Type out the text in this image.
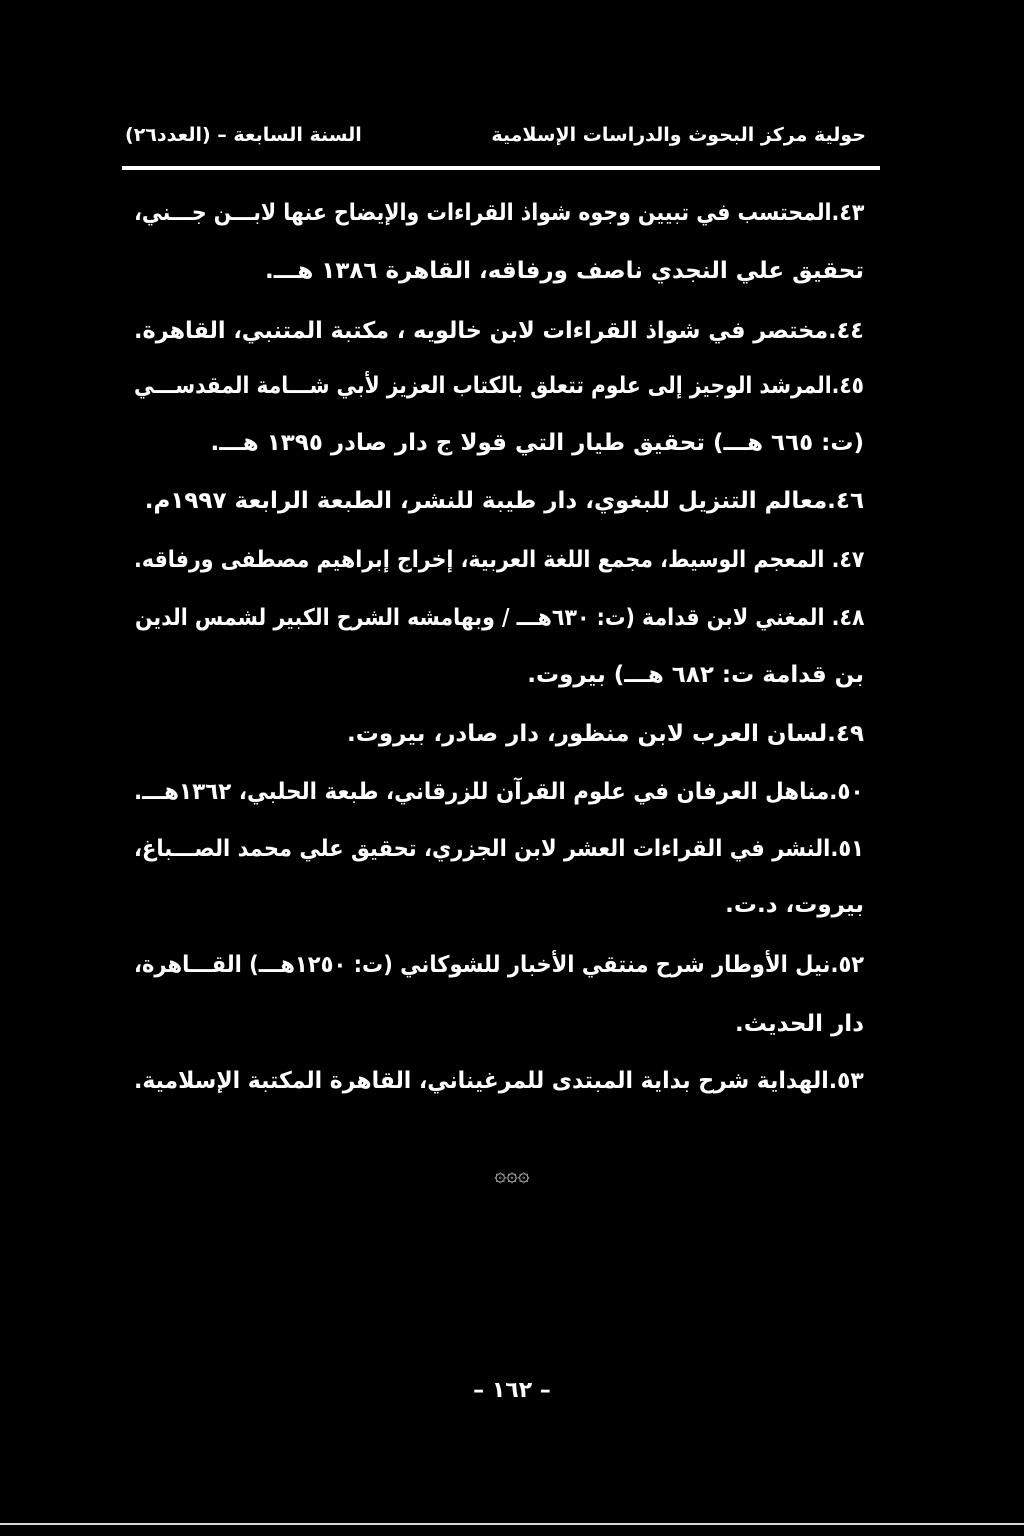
حولية مركز البحوث والدراسات الإسلامية
السنة السابعة – (العدد٢٦)
٤٣.المحتسب في تبيين وجوه شواذ القراءات والإيضاح عنها لابـــن جـــني،
تحقيق علي النجدي ناصف ورفاقه، القاهرة ١٣٨٦ هـــ.
٤٤.مختصر في شواذ القراءات لابن خالويه ، مكتبة المتنبي، القاهرة.
٤٥.المرشد الوجيز إلى علوم تتعلق بالكتاب العزيز لأبي شـــامة المقدســـي
(ت: ٦٦٥ هـــ) تحقيق طيار التي قولا ج دار صادر ١٣٩٥ هـــ.
٤٦.معالم التنزيل للبغوي، دار طيبة للنشر، الطبعة الرابعة ١٩٩٧م.
٤٧. المعجم الوسيط، مجمع اللغة العربية، إخراج إبراهيم مصطفى ورفاقه.
٤٨. المغني لابن قدامة (ت: ٦٣٠هـــ / وبهامشه الشرح الكبير لشمس الدين
بن قدامة ت: ٦٨٢ هـــ) بيروت.
٤٩.لسان العرب لابن منظور، دار صادر، بيروت.
٥٠.مناهل العرفان في علوم القرآن للزرقاني، طبعة الحلبي، ١٣٦٢هـــ.
٥١.النشر في القراءات العشر لابن الجزري، تحقيق علي محمد الصـــباغ،
بيروت، د.ت.
٥٢.نيل الأوطار شرح منتقي الأخبار للشوكاني (ت: ١٢٥٠هـــ) القـــاهرة،
دار الحديث.
٥٣.الهداية شرح بداية المبتدى للمرغيناني، القاهرة المكتبة الإسلامية.
۞۞۞
– ١٦٢ –
